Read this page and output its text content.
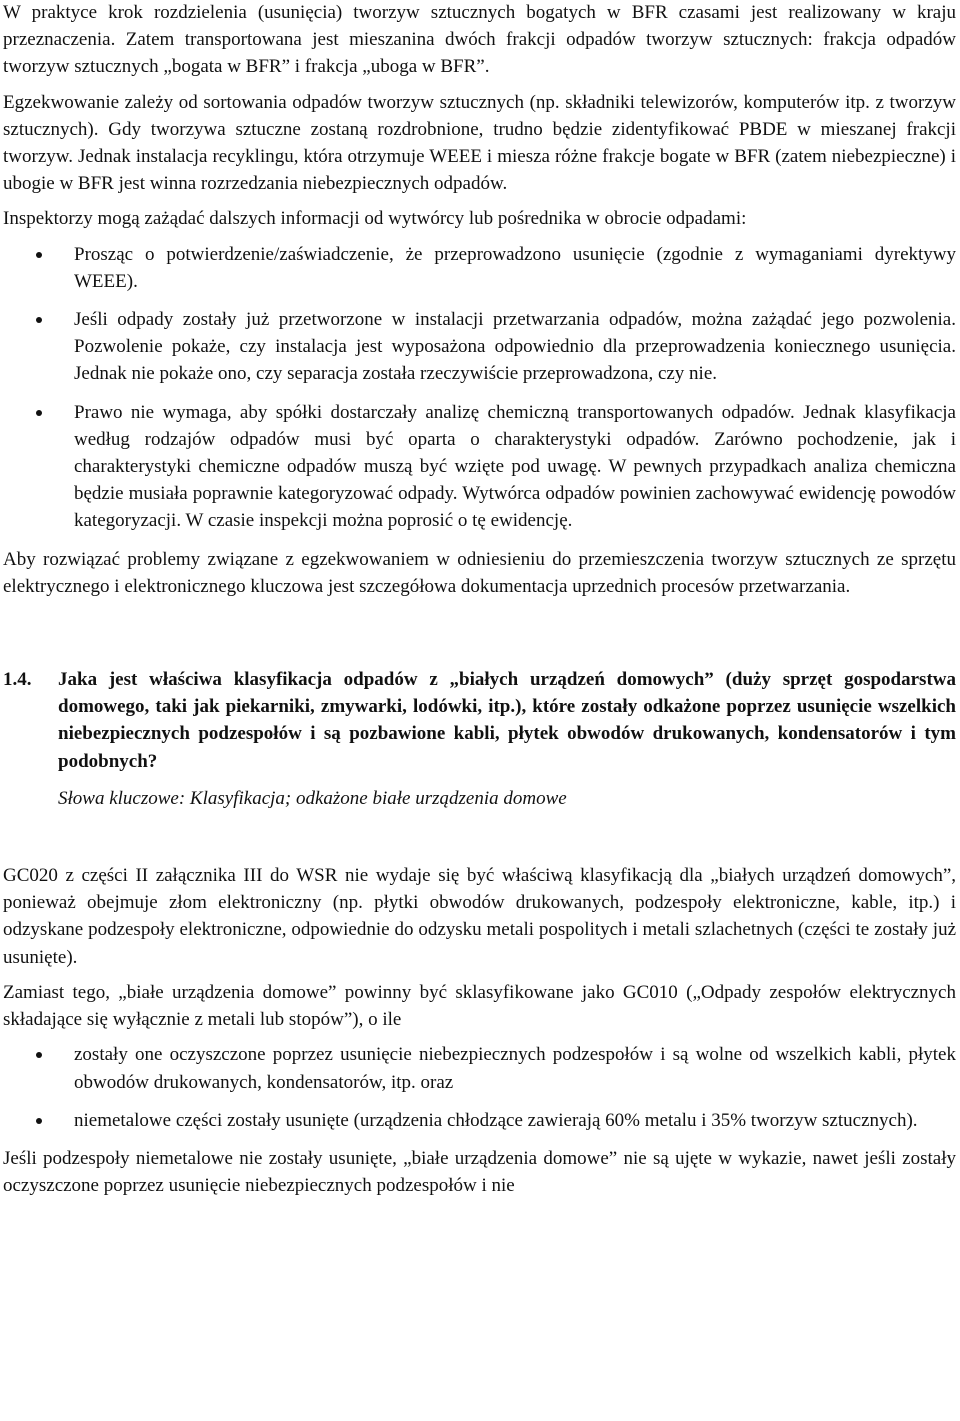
W praktyce krok rozdzielenia (usunięcia) tworzyw sztucznych bogatych w BFR czasami jest realizowany w kraju przeznaczenia. Zatem transportowana jest mieszanina dwóch frakcji odpadów tworzyw sztucznych: frakcja odpadów tworzyw sztucznych „bogata w BFR” i frakcja „uboga w BFR”.

Egzekwowanie zależy od sortowania odpadów tworzyw sztucznych (np. składniki telewizorów, komputerów itp. z tworzyw sztucznych). Gdy tworzywa sztuczne zostaną rozdrobnione, trudno będzie zidentyfikować PBDE w mieszanej frakcji tworzyw. Jednak instalacja recyklingu, która otrzymuje WEEE i miesza różne frakcje bogate w BFR (zatem niebezpieczne) i ubogie w BFR jest winna rozrzedzania niebezpiecznych odpadów.

Inspektorzy mogą zażądać dalszych informacji od wytwórcy lub pośrednika w obrocie odpadami:

Prosząc o potwierdzenie/zaświadczenie, że przeprowadzono usunięcie (zgodnie z wymaganiami dyrektywy WEEE).
Jeśli odpady zostały już przetworzone w instalacji przetwarzania odpadów, można zażądać jego pozwolenia. Pozwolenie pokaże, czy instalacja jest wyposażona odpowiednio dla przeprowadzenia koniecznego usunięcia. Jednak nie pokaże ono, czy separacja została rzeczywiście przeprowadzona, czy nie.
Prawo nie wymaga, aby spółki dostarczały analizę chemiczną transportowanych odpadów. Jednak klasyfikacja według rodzajów odpadów musi być oparta o charakterystyki odpadów. Zarówno pochodzenie, jak i charakterystyki chemiczne odpadów muszą być wzięte pod uwagę. W pewnych przypadkach analiza chemiczna będzie musiała poprawnie kategoryzować odpady. Wytwórca odpadów powinien zachowywać ewidencję powodów kategoryzacji. W czasie inspekcji można poprosić o tę ewidencję.

Aby rozwiązać problemy związane z egzekwowaniem w odniesieniu do przemieszczenia tworzyw sztucznych ze sprzętu elektrycznego i elektronicznego kluczowa jest szczegółowa dokumentacja uprzednich procesów przetwarzania.

1.4.	Jaka jest właściwa klasyfikacja odpadów z „białych urządzeń domowych” (duży sprzęt gospodarstwa domowego, taki jak piekarniki, zmywarki, lodówki, itp.), które zostały odkażone poprzez usunięcie wszelkich niebezpiecznych podzespołów i są pozbawione kabli, płytek obwodów drukowanych, kondensatorów i tym podobnych?

Słowa kluczowe: Klasyfikacja; odkażone białe urządzenia domowe

GC020 z części II załącznika III do WSR nie wydaje się być właściwą klasyfikacją dla „białych urządzeń domowych”, ponieważ obejmuje złom elektroniczny (np. płytki obwodów drukowanych, podzespoły elektroniczne, kable, itp.) i odzyskane podzespoły elektroniczne, odpowiednie do odzysku metali pospolitych i metali szlachetnych (części te zostały już usunięte).

Zamiast tego, „białe urządzenia domowe” powinny być sklasyfikowane jako GC010 („Odpady zespołów elektrycznych składające się wyłącznie z metali lub stopów”), o ile

zostały one oczyszczone poprzez usunięcie niebezpiecznych podzespołów i są wolne od wszelkich kabli, płytek obwodów drukowanych, kondensatorów, itp. oraz
niemetalowe części zostały usunięte (urządzenia chłodzące zawierają 60% metalu i 35% tworzyw sztucznych).

Jeśli podzespoły niemetalowe nie zostały usunięte, „białe urządzenia domowe” nie są ujęte w wykazie, nawet jeśli zostały oczyszczone poprzez usunięcie niebezpiecznych podzespołów i nie
